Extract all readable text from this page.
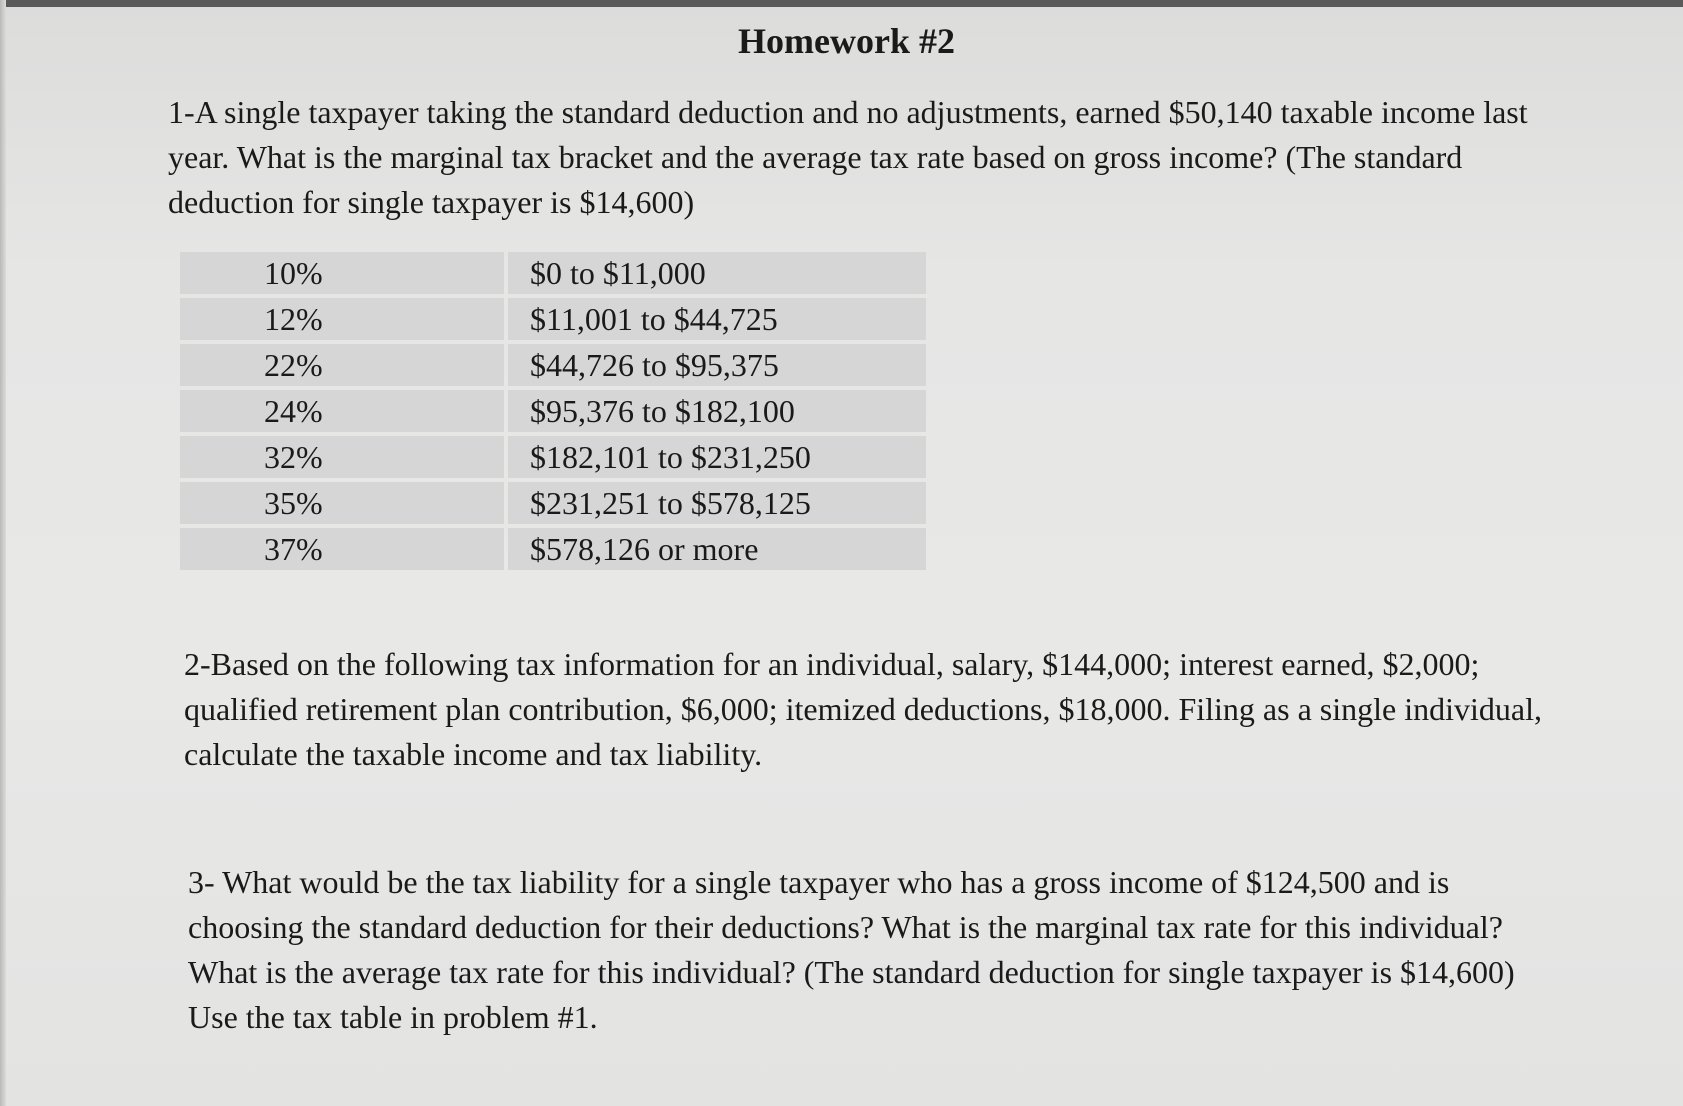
Homework #2

1-A single taxpayer taking the standard deduction and no adjustments, earned $50,140 taxable income last year. What is the marginal tax bracket and the average tax rate based on gross income? (The standard deduction for single taxpayer is $14,600)

10%	$0 to $11,000
12%	$11,001 to $44,725
22%	$44,726 to $95,375
24%	$95,376 to $182,100
32%	$182,101 to $231,250
35%	$231,251 to $578,125
37%	$578,126 or more

2-Based on the following tax information for an individual, salary, $144,000; interest earned, $2,000; qualified retirement plan contribution, $6,000; itemized deductions, $18,000. Filing as a single individual, calculate the taxable income and tax liability.

3- What would be the tax liability for a single taxpayer who has a gross income of $124,500 and is choosing the standard deduction for their deductions? What is the marginal tax rate for this individual? What is the average tax rate for this individual? (The standard deduction for single taxpayer is $14,600) Use the tax table in problem #1.
